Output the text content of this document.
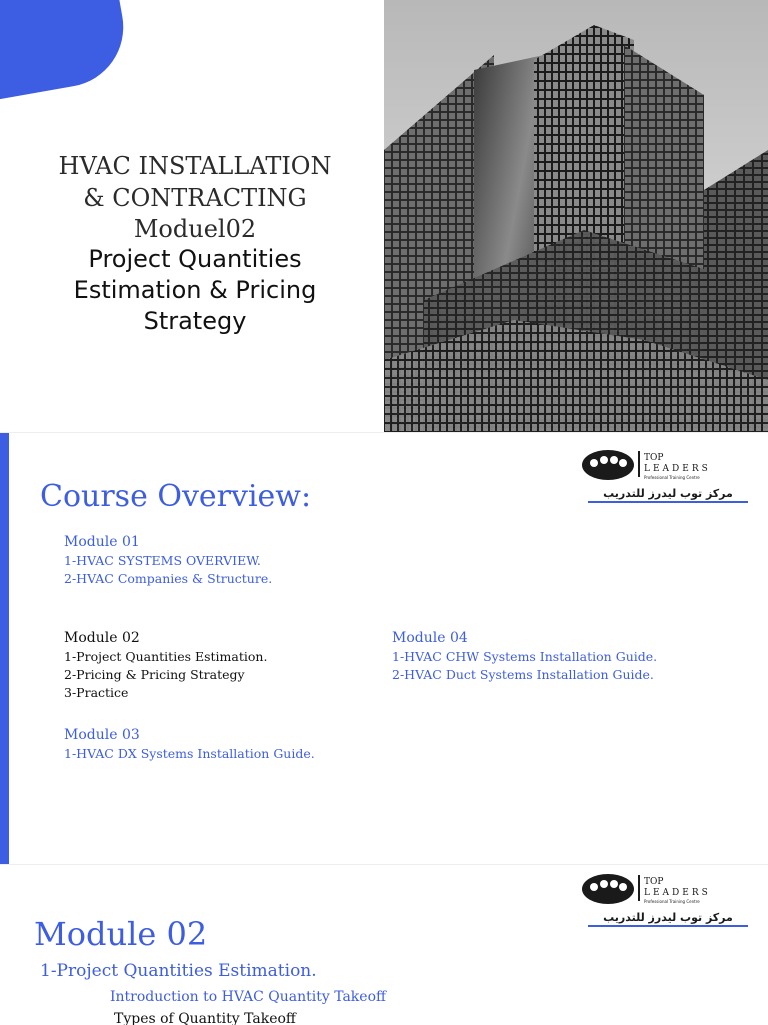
HVAC INSTALLATION
& CONTRACTING
Moduel02
Project Quantities
Estimation & Pricing
Strategy
TOP
LEADERS
Professional Training Centre
مركز توب ليدرز للتدريب
Course Overview:
Module 01
1-HVAC SYSTEMS OVERVIEW.
2-HVAC Companies & Structure.
Module 02
1-Project Quantities Estimation.
2-Pricing & Pricing Strategy
3-Practice
Module 03
1-HVAC DX Systems Installation Guide.
Module 04
1-HVAC CHW Systems Installation Guide.
2-HVAC Duct Systems Installation Guide.
TOP
LEADERS
Professional Training Centre
مركز توب ليدرز للتدريب
Module 02
1-Project Quantities Estimation.
Introduction to HVAC Quantity Takeoff
Types of Quantity Takeoff
